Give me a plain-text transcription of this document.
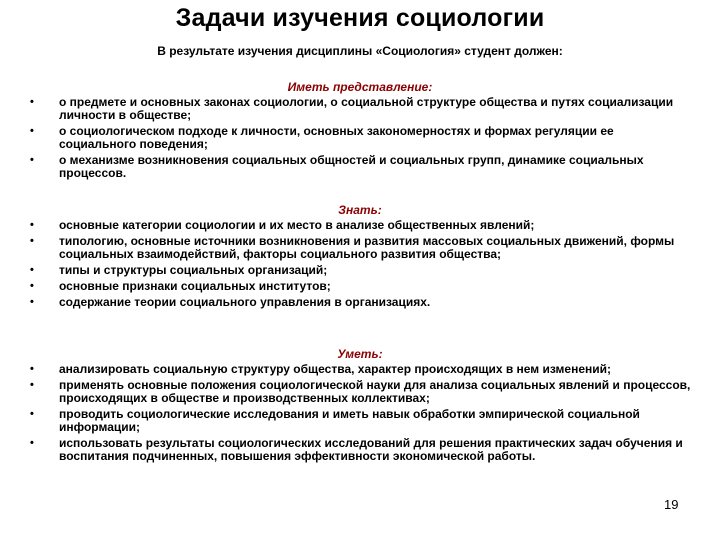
Задачи изучения социологии
В результате изучения дисциплины «Социология» студент должен:
Иметь представление:
• о предмете и основных законах социологии, о социальной структуре общества и путях социализации личности в обществе;
• о социологическом подходе к личности, основных закономерностях и формах регуляции ее социального поведения;
• о механизме возникновения социальных общностей и социальных групп, динамике социальных процессов.
Знать:
• основные категории социологии и их место в анализе общественных явлений;
• типологию, основные источники возникновения и развития массовых социальных движений, формы социальных взаимодействий, факторы социального развития общества;
• типы и структуры социальных организаций;
• основные признаки социальных институтов;
• содержание теории социального управления в организациях.
Уметь:
• анализировать социальную структуру общества, характер происходящих в нем изменений;
• применять основные положения социологической науки для анализа социальных явлений и процессов, происходящих в обществе и производственных коллективах;
• проводить социологические исследования и иметь навык обработки эмпирической социальной информации;
• использовать результаты социологических исследований для решения практических задач обучения и воспитания подчиненных, повышения эффективности экономической работы.
19
